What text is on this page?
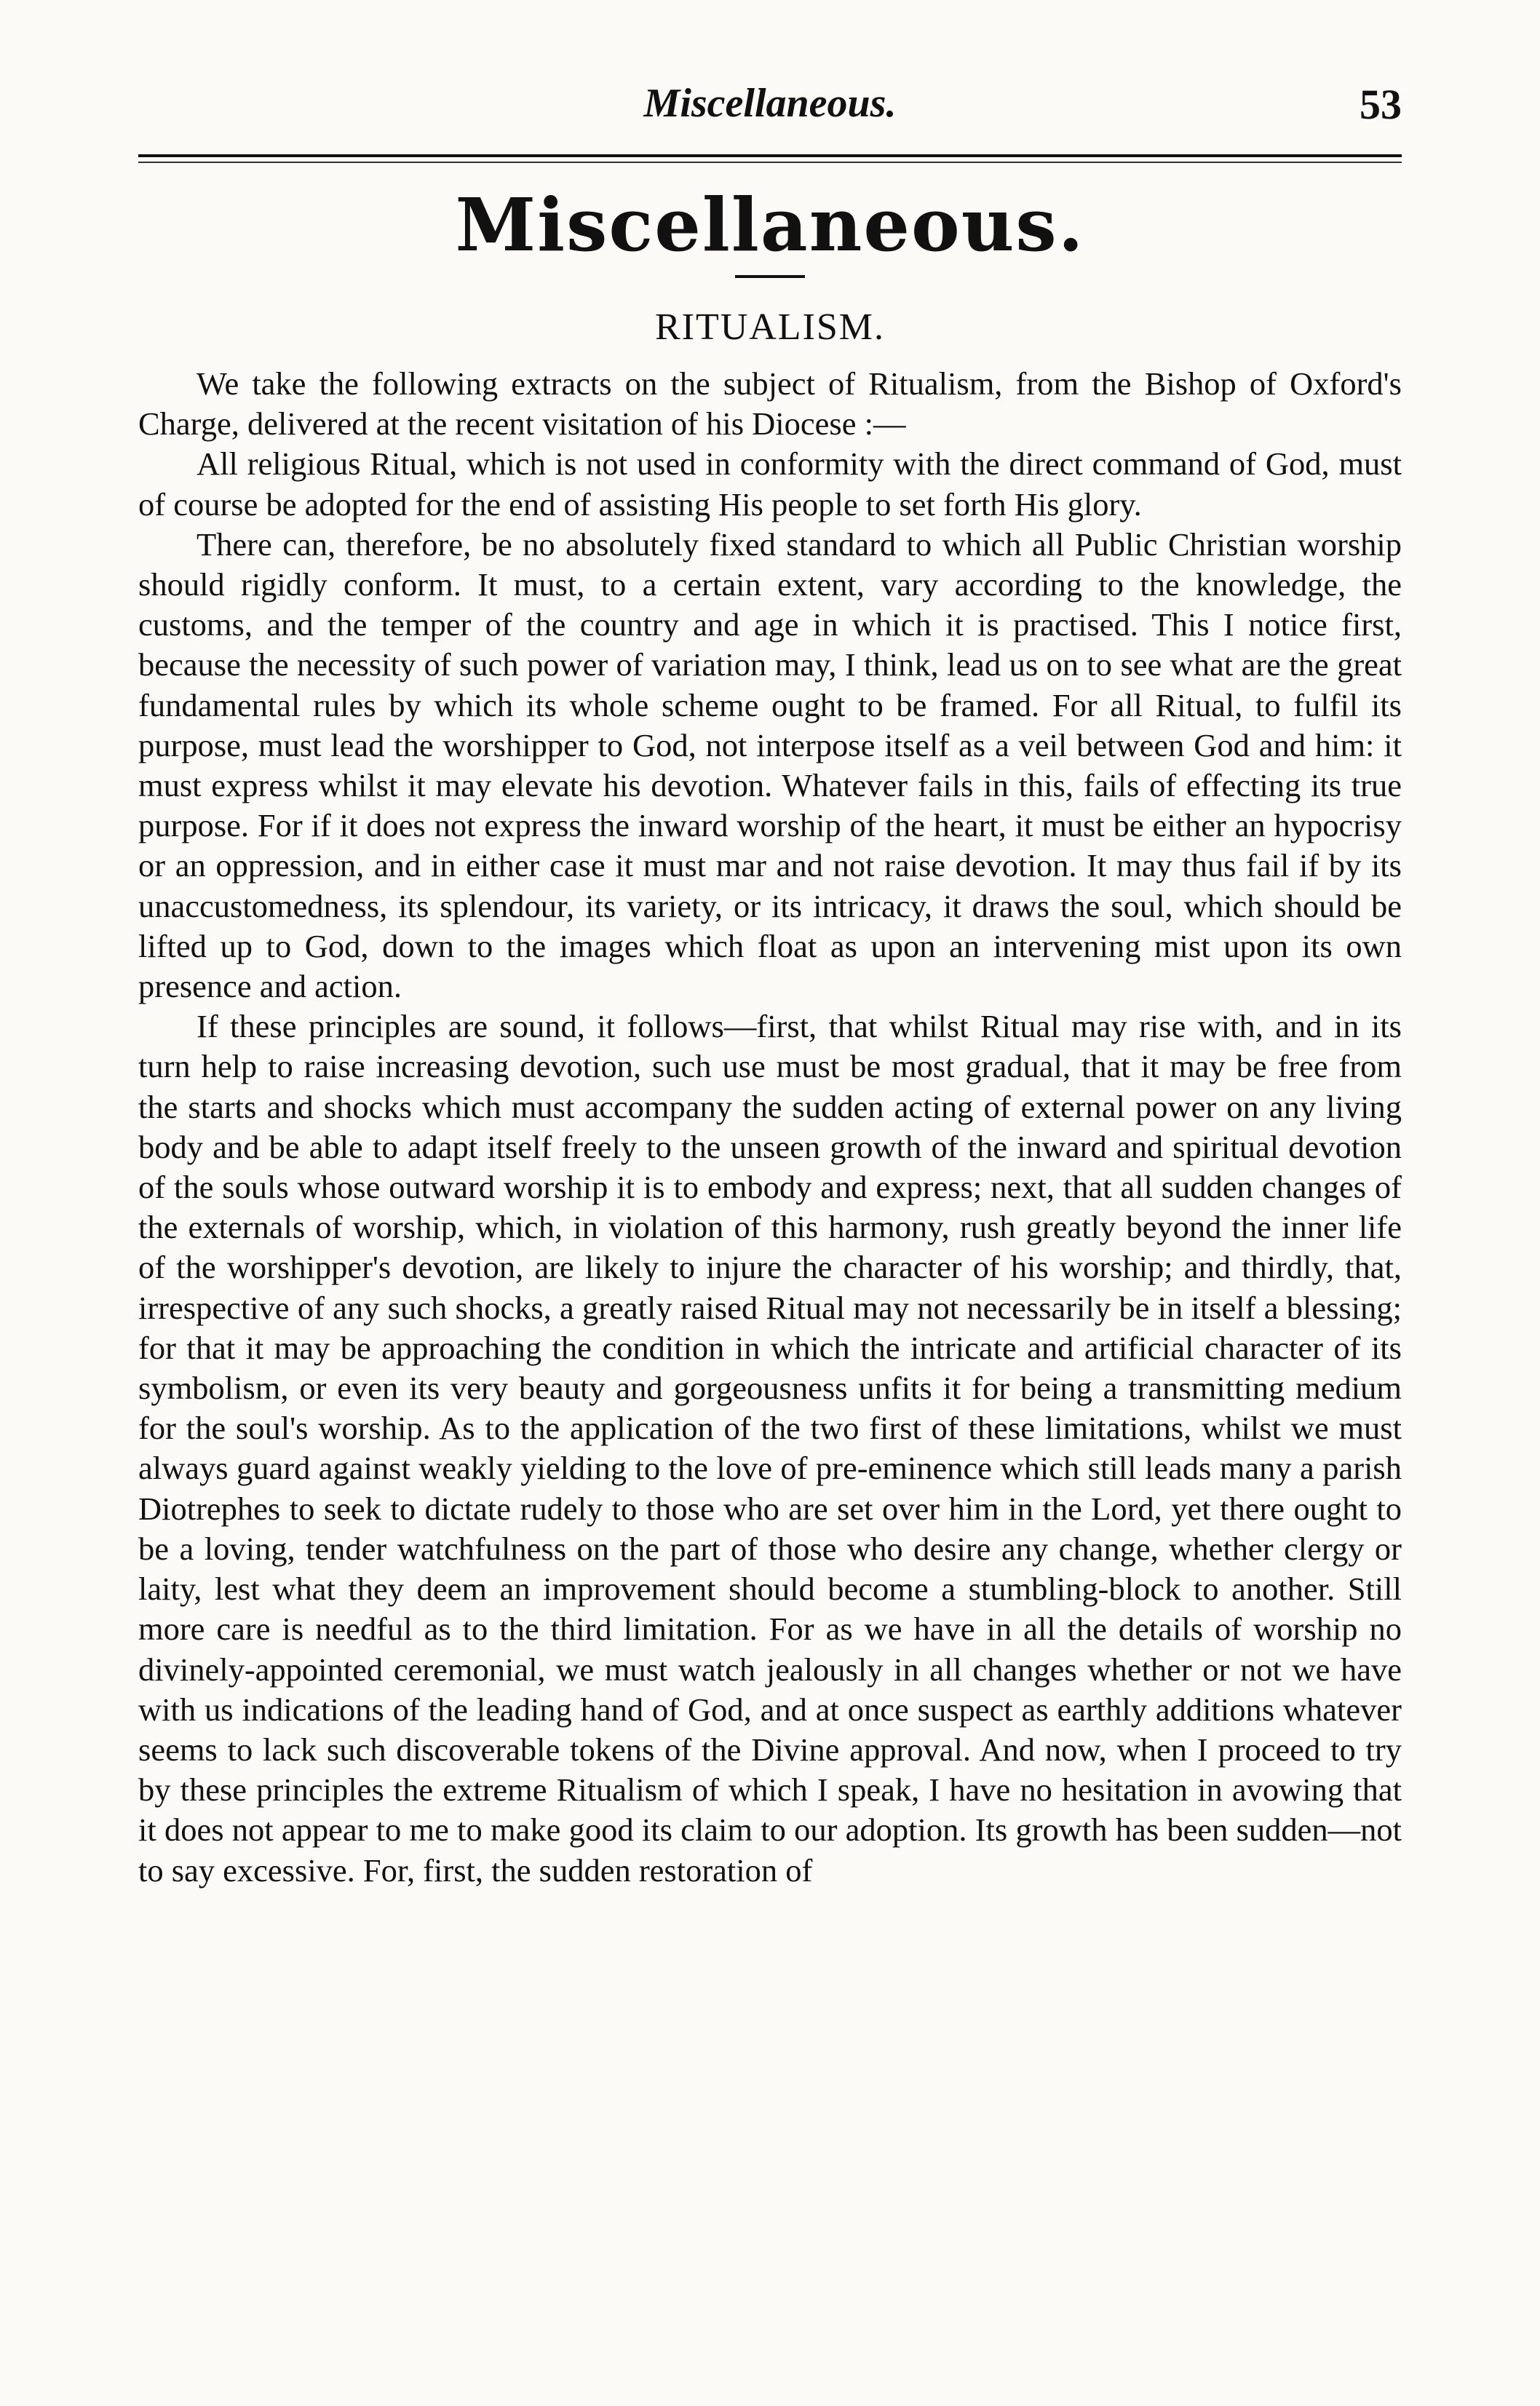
Miscellaneous.	53
Miscellaneous.
RITUALISM.

We take the following extracts on the subject of Ritualism, from the Bishop of Oxford's Charge, delivered at the recent visitation of his Diocese :—

All religious Ritual, which is not used in conformity with the direct command of God, must of course be adopted for the end of assisting His people to set forth His glory.

There can, therefore, be no absolutely fixed standard to which all Public Christian worship should rigidly conform. It must, to a certain extent, vary according to the knowledge, the customs, and the temper of the country and age in which it is practised. This I notice first, because the necessity of such power of variation may, I think, lead us on to see what are the great fundamental rules by which its whole scheme ought to be framed. For all Ritual, to fulfil its purpose, must lead the worshipper to God, not interpose itself as a veil between God and him: it must express whilst it may elevate his devotion. Whatever fails in this, fails of effecting its true purpose. For if it does not express the inward worship of the heart, it must be either an hypocrisy or an oppression, and in either case it must mar and not raise devotion. It may thus fail if by its unaccustomedness, its splendour, its variety, or its intricacy, it draws the soul, which should be lifted up to God, down to the images which float as upon an intervening mist upon its own presence and action.

If these principles are sound, it follows—first, that whilst Ritual may rise with, and in its turn help to raise increasing devotion, such use must be most gradual, that it may be free from the starts and shocks which must accompany the sudden acting of external power on any living body and be able to adapt itself freely to the unseen growth of the inward and spiritual devotion of the souls whose outward worship it is to embody and express; next, that all sudden changes of the externals of worship, which, in violation of this harmony, rush greatly beyond the inner life of the worshipper's devotion, are likely to injure the character of his worship; and thirdly, that, irrespective of any such shocks, a greatly raised Ritual may not necessarily be in itself a blessing; for that it may be approaching the condition in which the intricate and artificial character of its symbolism, or even its very beauty and gorgeousness unfits it for being a transmitting medium for the soul's worship. As to the application of the two first of these limitations, whilst we must always guard against weakly yielding to the love of pre-eminence which still leads many a parish Diotrephes to seek to dictate rudely to those who are set over him in the Lord, yet there ought to be a loving, tender watchfulness on the part of those who desire any change, whether clergy or laity, lest what they deem an improvement should become a stumbling-block to another. Still more care is needful as to the third limitation. For as we have in all the details of worship no divinely-appointed ceremonial, we must watch jealously in all changes whether or not we have with us indications of the leading hand of God, and at once suspect as earthly additions whatever seems to lack such discoverable tokens of the Divine approval. And now, when I proceed to try by these principles the extreme Ritualism of which I speak, I have no hesitation in avowing that it does not appear to me to make good its claim to our adoption. Its growth has been sudden—not to say excessive. For, first, the sudden restoration of
